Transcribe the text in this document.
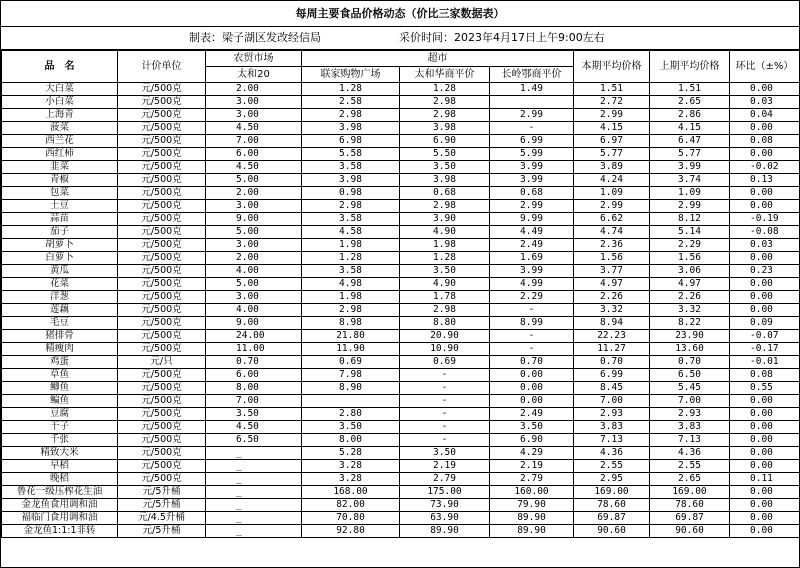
每周主要食品价格动态（价比三家数据表）
制表：梁子湖区发改经信局	采价时间：2023年4月17日上午9:00左右
品　名	计价单位	农贸市场	超市			本期平均价格	上期平均价格	环比（±%）
		太和20	联家购物广场	太和华商平价	长岭鄂商平价			
大白菜	元/500克	2.00	1.28	1.28	1.49	1.51	1.51	0.00
小白菜	元/500克	3.00	2.58	2.98		2.72	2.65	0.03
上海青	元/500克	3.00	2.98	2.98	2.99	2.99	2.86	0.04
菠菜	元/500克	4.50	3.98	3.98	-	4.15	4.15	0.00
西兰花	元/500克	7.00	6.98	6.90	6.99	6.97	6.47	0.08
西红柿	元/500克	6.00	5.58	5.50	5.99	5.77	5.77	0.00
韭菜	元/500克	4.50	3.58	3.50	3.99	3.89	3.99	-0.02
青椒	元/500克	5.00	3.98	3.98	3.99	4.24	3.74	0.13
包菜	元/500克	2.00	0.98	0.68	0.68	1.09	1.09	0.00
土豆	元/500克	3.00	2.98	2.98	2.99	2.99	2.99	0.00
蒜苗	元/500克	9.00	3.58	3.90	9.99	6.62	8.12	-0.19
茄子	元/500克	5.00	4.58	4.90	4.49	4.74	5.14	-0.08
胡萝卜	元/500克	3.00	1.98	1.98	2.49	2.36	2.29	0.03
白萝卜	元/500克	2.00	1.28	1.28	1.69	1.56	1.56	0.00
黄瓜	元/500克	4.00	3.58	3.50	3.99	3.77	3.06	0.23
花菜	元/500克	5.00	4.98	4.90	4.99	4.97	4.97	0.00
洋葱	元/500克	3.00	1.98	1.78	2.29	2.26	2.26	0.00
莲藕	元/500克	4.00	2.98	2.98	-	3.32	3.32	0.00
毛豆	元/500克	9.00	8.98	8.80	8.99	8.94	8.22	0.09
猪排骨	元/500克	24.00	21.80	20.90	-	22.23	23.90	-0.07
精瘦肉	元/500克	11.00	11.90	10.90	-	11.27	13.60	-0.17
鸡蛋	元/只	0.70	0.69	0.69	0.70	0.70	0.70	-0.01
草鱼	元/500克	6.00	7.98	-	0.00	6.99	6.50	0.08
鲫鱼	元/500克	8.00	8.90	-	0.00	8.45	5.45	0.55
鳊鱼	元/500克	7.00		-	0.00	7.00	7.00	0.00
豆腐	元/500克	3.50	2.80	-	2.49	2.93	2.93	0.00
干子	元/500克	4.50	3.50	-	3.50	3.83	3.83	0.00
千张	元/500克	6.50	8.00	-	6.90	7.13	7.13	0.00
精致大米	元/500克	_	5.28	3.50	4.29	4.36	4.36	0.00
早稻	元/500克	_	3.28	2.19	2.19	2.55	2.55	0.00
晚稻	元/500克	_	3.28	2.79	2.79	2.95	2.65	0.11
鲁花一级压榨花生油	元/5升桶	_	168.00	175.00	160.00	169.00	169.00	0.00
金龙鱼食用调和油	元/5升桶	_	82.00	73.90	79.90	78.60	78.60	0.00
福临门食用调和油	元/4.5升桶	_	70.80	63.90	89.90	69.87	69.87	0.00
金龙鱼1:1:1非转	元/5升桶	_	92.80	89.90	89.90	90.60	90.60	0.00
